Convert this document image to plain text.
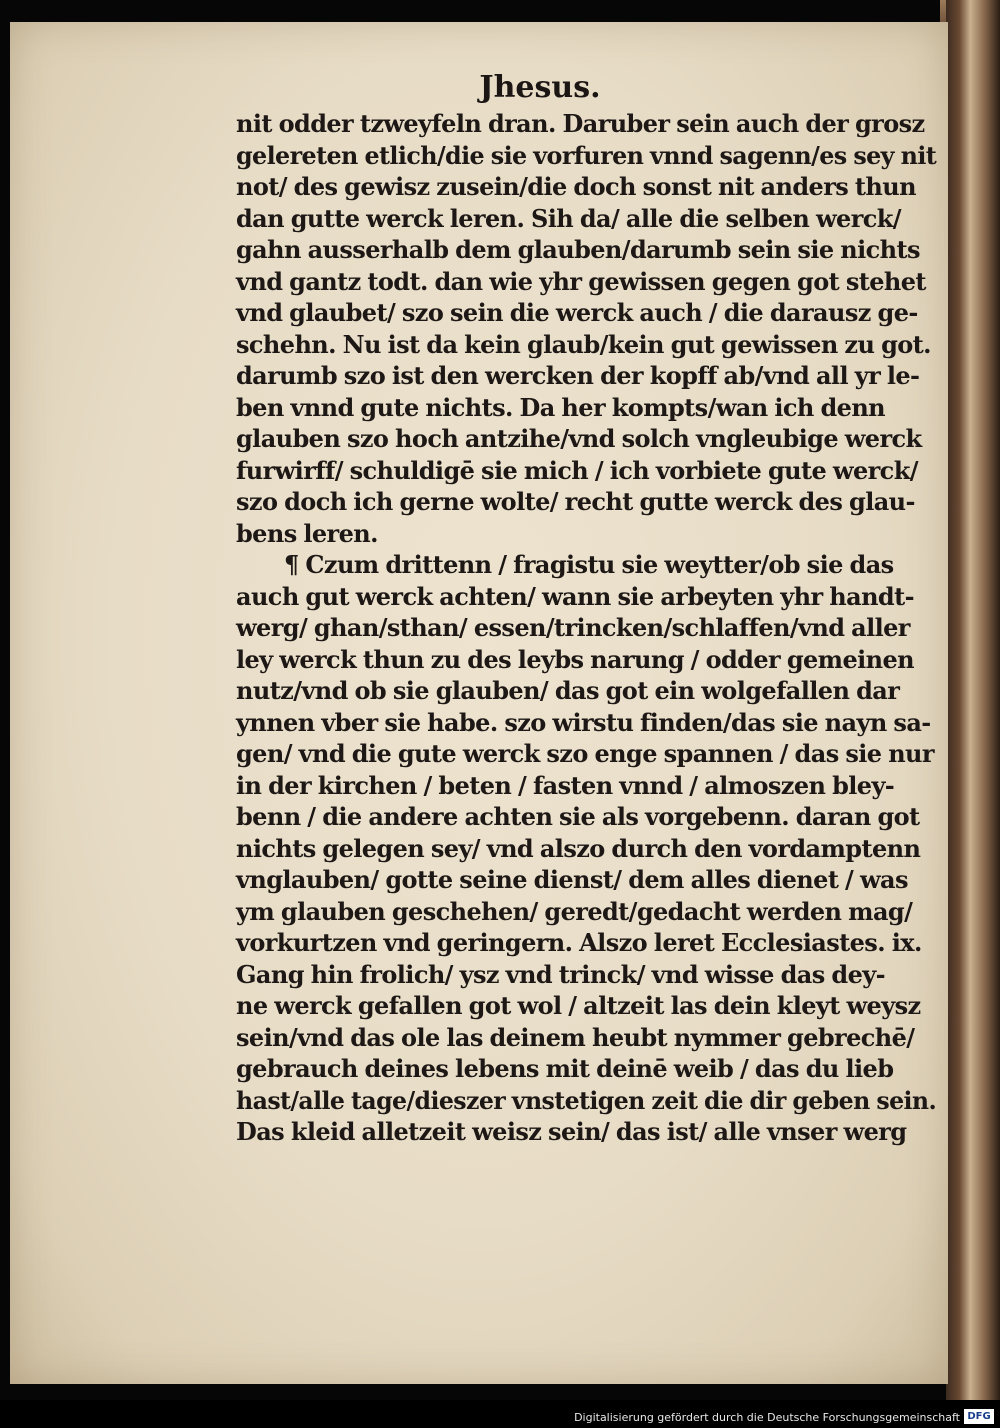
Jhesus.
nit odder tzweyfeln dran. Daruber sein auch der grosz
gelereten etlich/die sie vorfuren vnnd sagenn/es sey nit
not/ des gewisz zusein/die doch sonst nit anders thun
dan gutte werck leren. Sih da/ alle die selben werck/
gahn ausserhalb dem glauben/darumb sein sie nichts
vnd gantz todt. dan wie yhr gewissen gegen got stehet
vnd glaubet/ szo sein die werck auch / die darausz ge-
schehn. Nu ist da kein glaub/kein gut gewissen zu got.
darumb szo ist den wercken der kopff ab/vnd all yr le-
ben vnnd gute nichts. Da her kompts/wan ich denn
glauben szo hoch antzihe/vnd solch vngleubige werck
furwirff/ schuldigē sie mich / ich vorbiete gute werck/
szo doch ich gerne wolte/ recht gutte werck des glau-
bens leren.
¶ Czum drittenn / fragistu sie weytter/ob sie das
auch gut werck achten/ wann sie arbeyten yhr handt-
werg/ ghan/sthan/ essen/trincken/schlaffen/vnd aller
ley werck thun zu des leybs narung / odder gemeinen
nutz/vnd ob sie glauben/ das got ein wolgefallen dar
ynnen vber sie habe. szo wirstu finden/das sie nayn sa-
gen/ vnd die gute werck szo enge spannen / das sie nur
in der kirchen / beten / fasten vnnd / almoszen bley-
benn / die andere achten sie als vorgebenn. daran got
nichts gelegen sey/ vnd alszo durch den vordamptenn
vnglauben/ gotte seine dienst/ dem alles dienet / was
ym glauben geschehen/ geredt/gedacht werden mag/
vorkurtzen vnd geringern. Alszo leret Ecclesiastes. ix.
Gang hin frolich/ ysz vnd trinck/ vnd wisse das dey-
ne werck gefallen got wol / altzeit las dein kleyt weysz
sein/vnd das ole las deinem heubt nymmer gebrechē/
gebrauch deines lebens mit deinē weib / das du lieb
hast/alle tage/dieszer vnstetigen zeit die dir geben sein.
Das kleid alletzeit weisz sein/ das ist/ alle vnser werg
Digitalisierung gefördert durch die Deutsche Forschungsgemeinschaft DFG
